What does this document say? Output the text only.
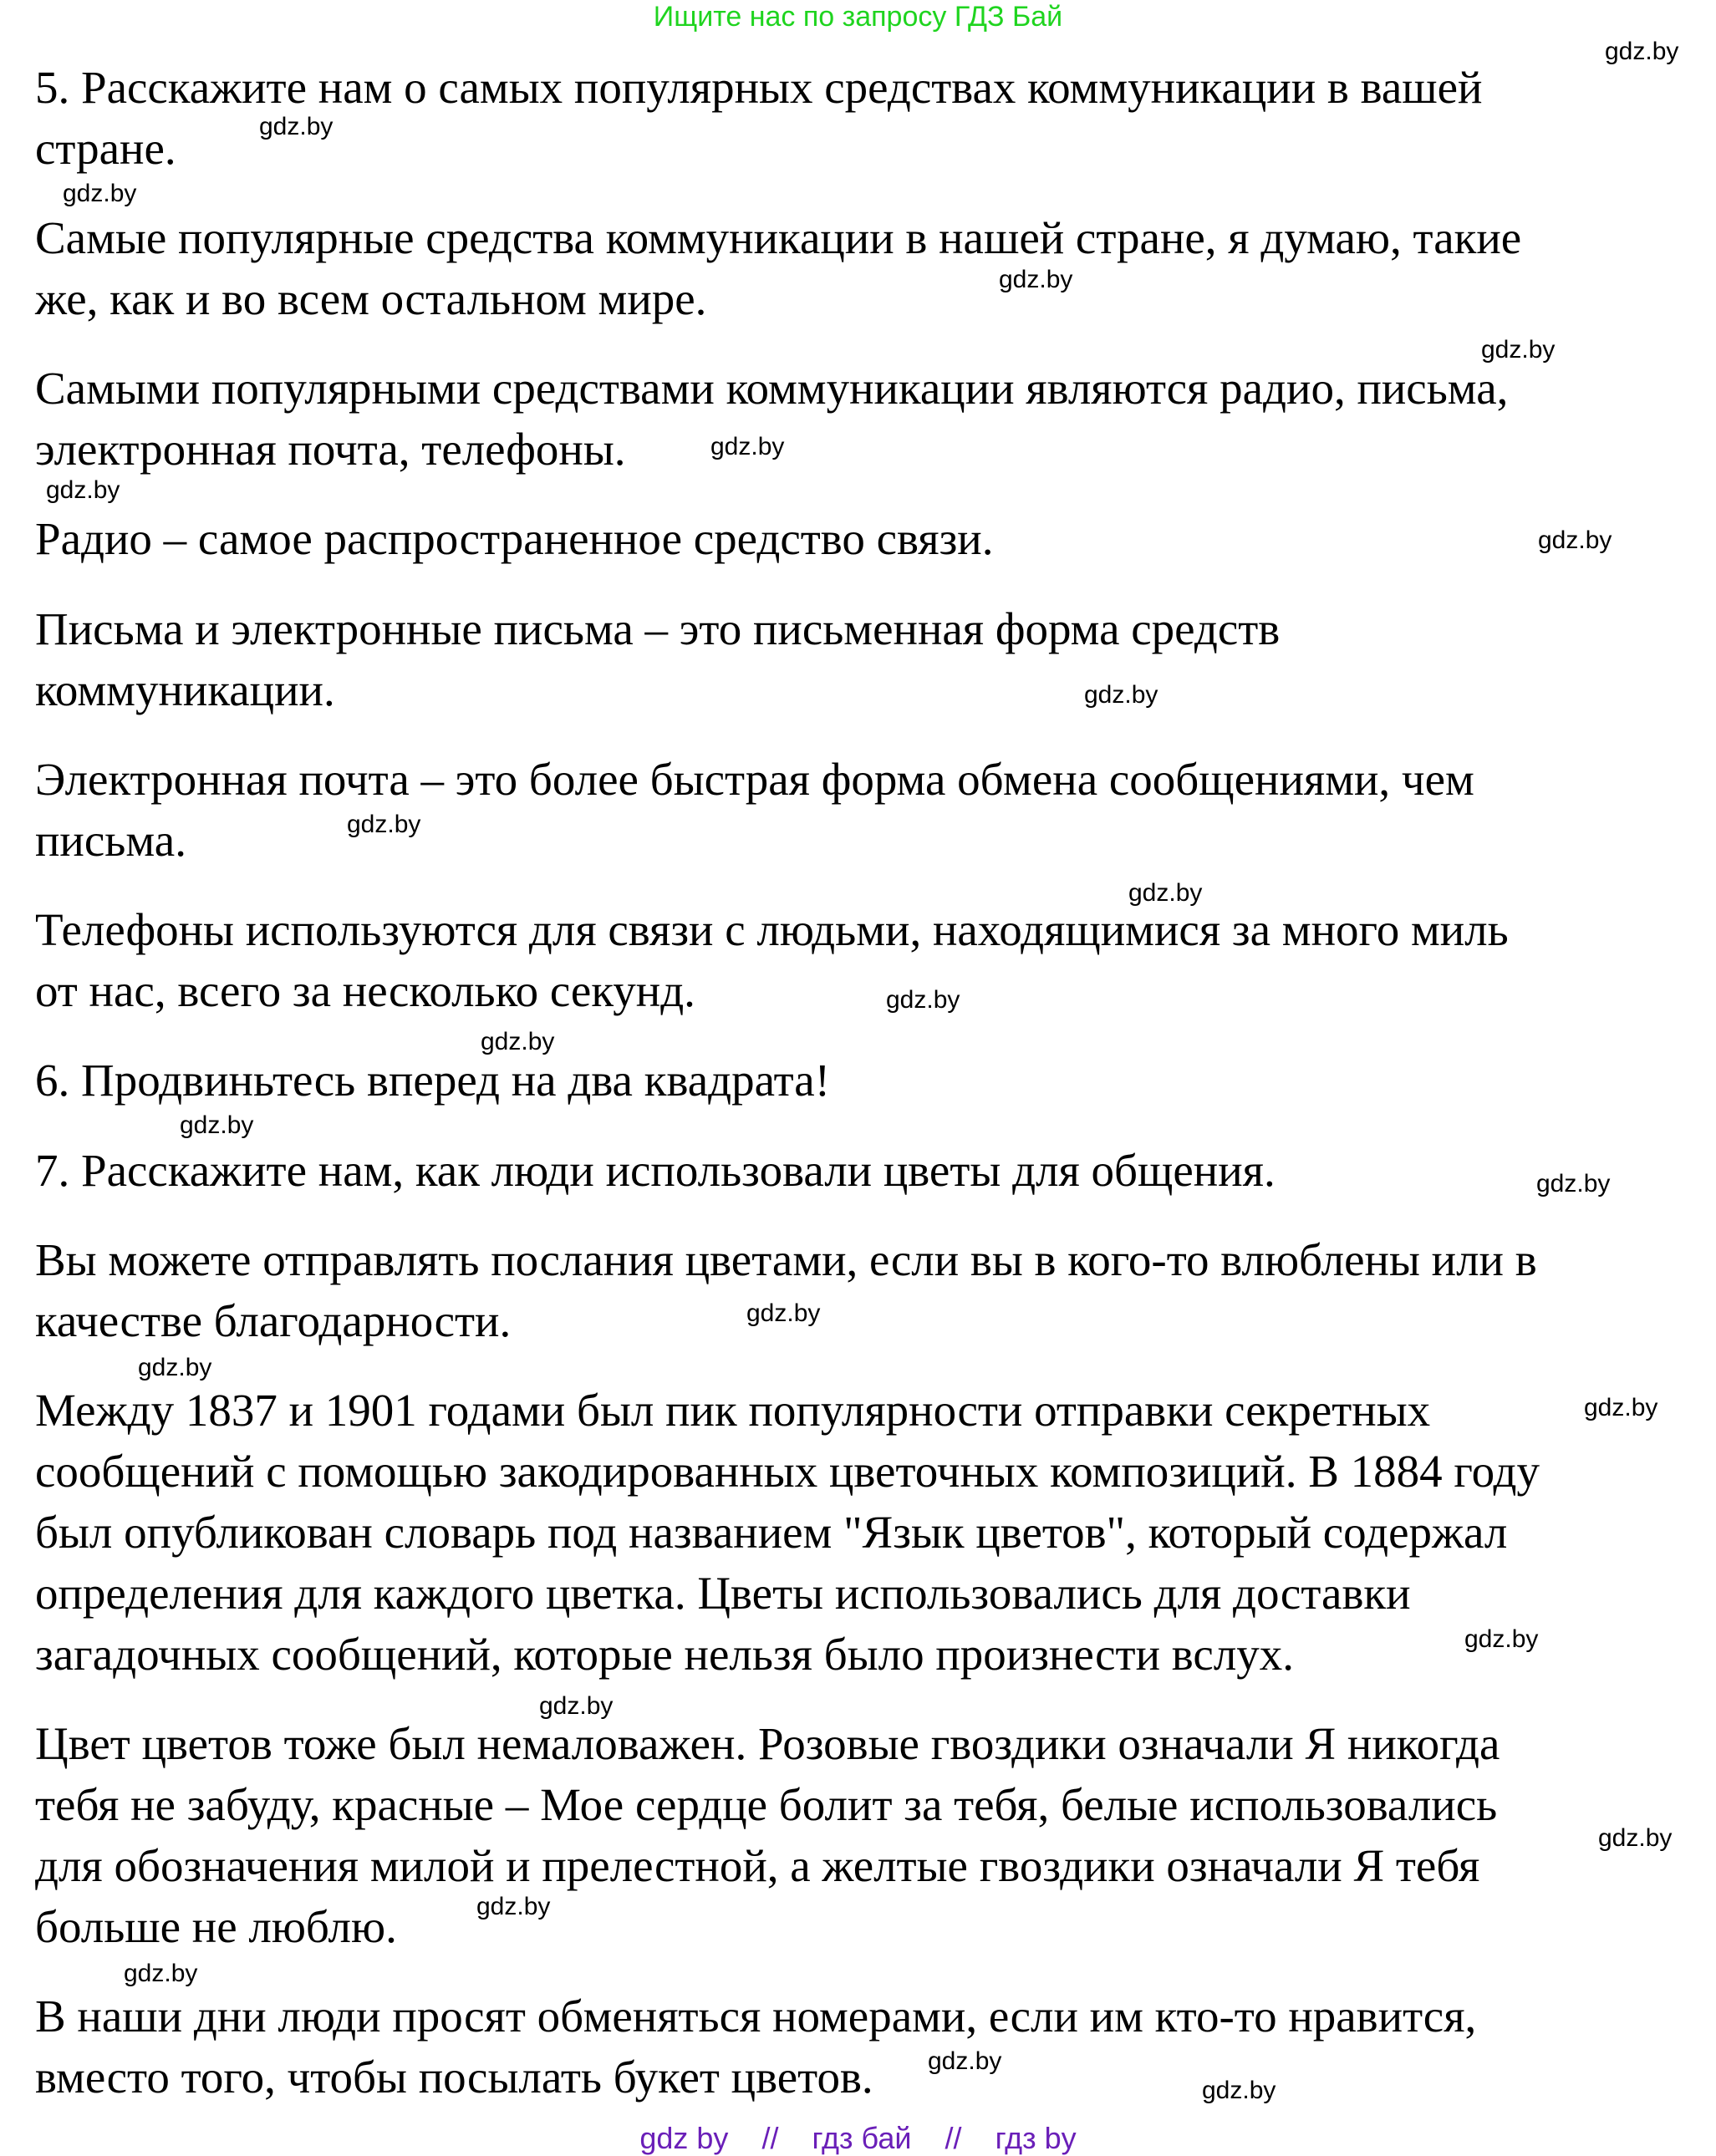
Ищите нас по запросу ГДЗ Бай
gdz.by
gdz.by
gdz.by
gdz.by
gdz.by
gdz.by
gdz.by
gdz.by
gdz.by
gdz.by
gdz.by
gdz.by
gdz.by
gdz.by
gdz.by
gdz.by
gdz.by
gdz.by
gdz.by
gdz.by
gdz.by
gdz.by
gdz.by
gdz.by
gdz.by
5. Расскажите нам о самых популярных средствах коммуникации в вашей
стране.
Самые популярные средства коммуникации в нашей стране, я думаю, такие
же, как и во всем остальном мире.
Самыми популярными средствами коммуникации являются радио, письма,
электронная почта, телефоны.
Радио – самое распространенное средство связи.
Письма и электронные письма – это письменная форма средств
коммуникации.
Электронная почта – это более быстрая форма обмена сообщениями, чем
письма.
Телефоны используются для связи с людьми, находящимися за много миль
от нас, всего за несколько секунд.
6. Продвиньтесь вперед на два квадрата!
7. Расскажите нам, как люди использовали цветы для общения.
Вы можете отправлять послания цветами, если вы в кого-то влюблены или в
качестве благодарности.
Между 1837 и 1901 годами был пик популярности отправки секретных
сообщений с помощью закодированных цветочных композиций. В 1884 году
был опубликован словарь под названием "Язык цветов", который содержал
определения для каждого цветка. Цветы использовались для доставки
загадочных сообщений, которые нельзя было произнести вслух.
Цвет цветов тоже был немаловажен. Розовые гвоздики означали Я никогда
тебя не забуду, красные – Мое сердце болит за тебя, белые использовались
для обозначения милой и прелестной, а желтые гвоздики означали Я тебя
больше не люблю.
В наши дни люди просят обменяться номерами, если им кто-то нравится,
вместо того, чтобы посылать букет цветов.
gdz by // гдз бай // гдз by
